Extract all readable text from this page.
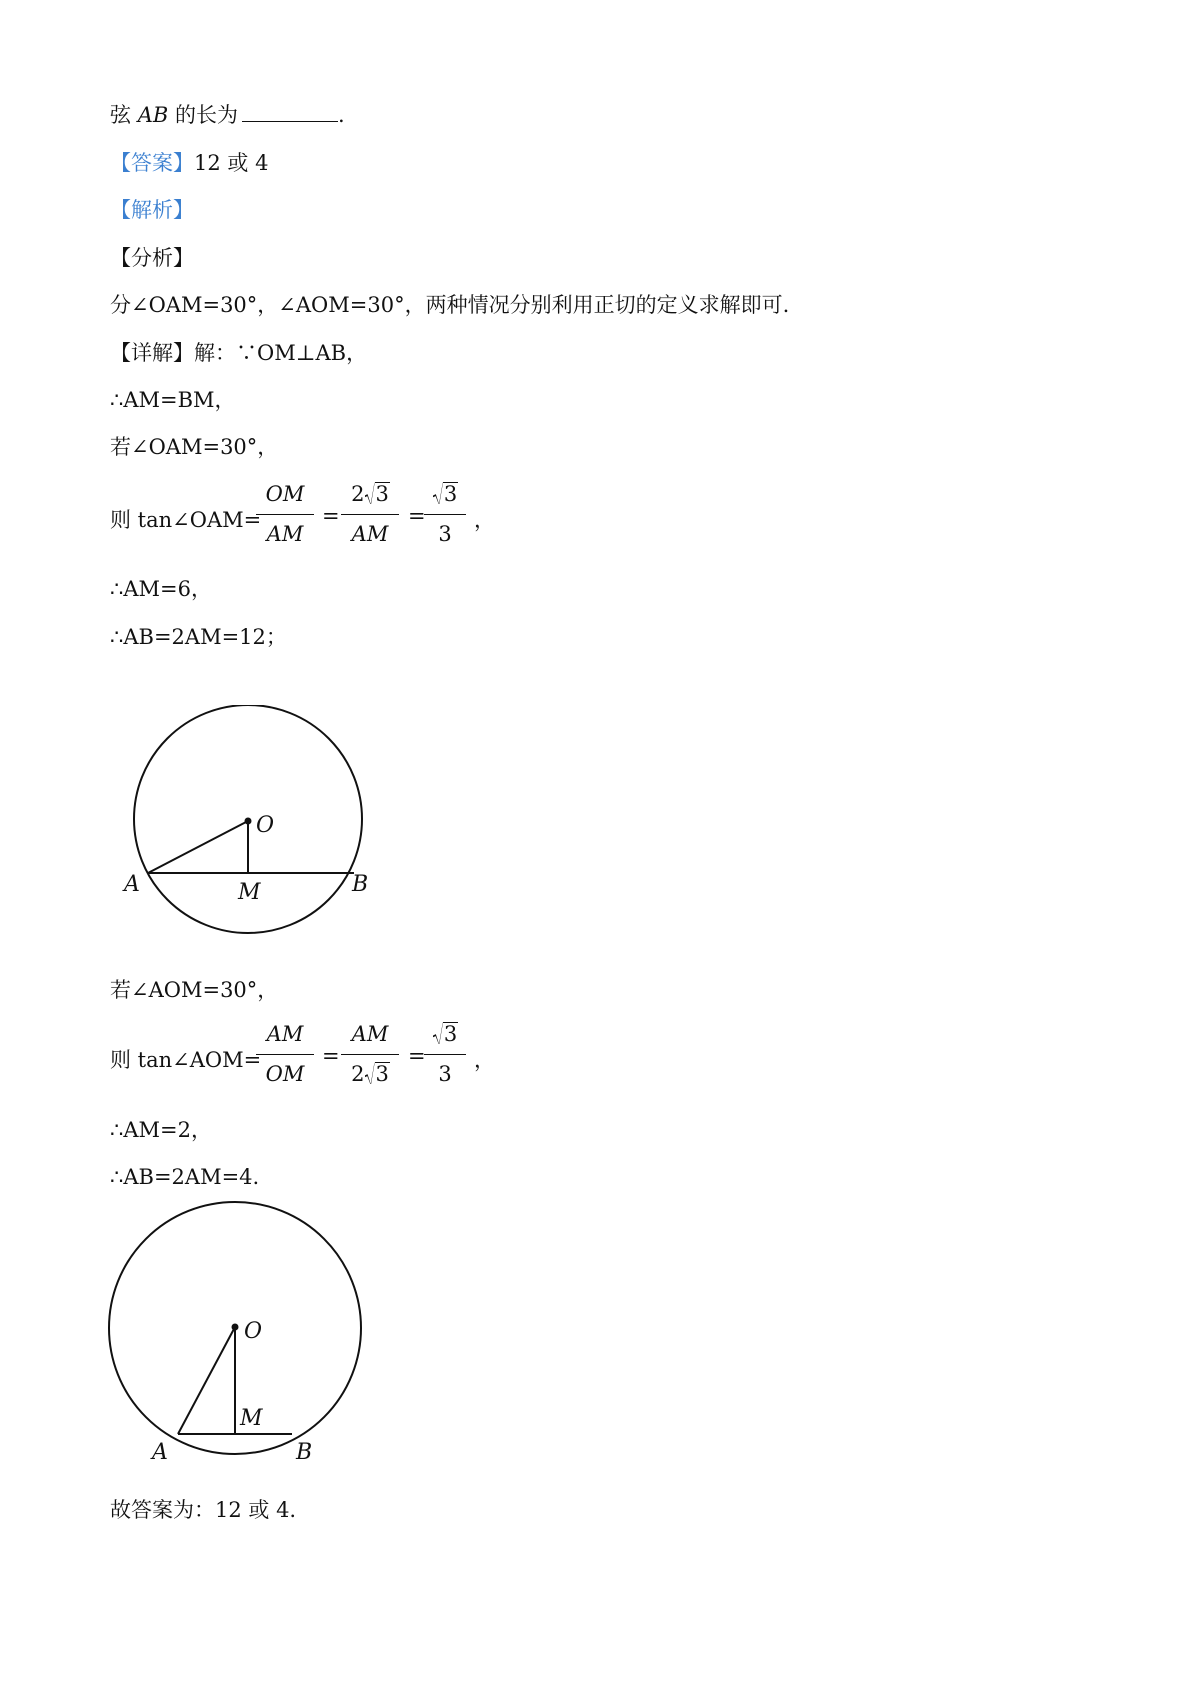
弦 AB 的长为	.
【答案】12 或 4
【解析】
【分析】
分∠OAM=30°，∠AOM=30°，两种情况分别利用正切的定义求解即可.
【详解】解：∵OM⊥AB，
∴AM=BM，
若∠OAM=30°，
则 tan∠OAM=
OM
AM
=
2 3
AM
=
3
3
，
∴AM=6，
∴AB=2AM=12；
O
A	M	B
若∠AOM=30°，
则 tan∠AOM=
AM
OM
=
AM
2 3
=
3
3
，
∴AM=2，
∴AB=2AM=4.
O
A
M
B
故答案为：12 或 4.
